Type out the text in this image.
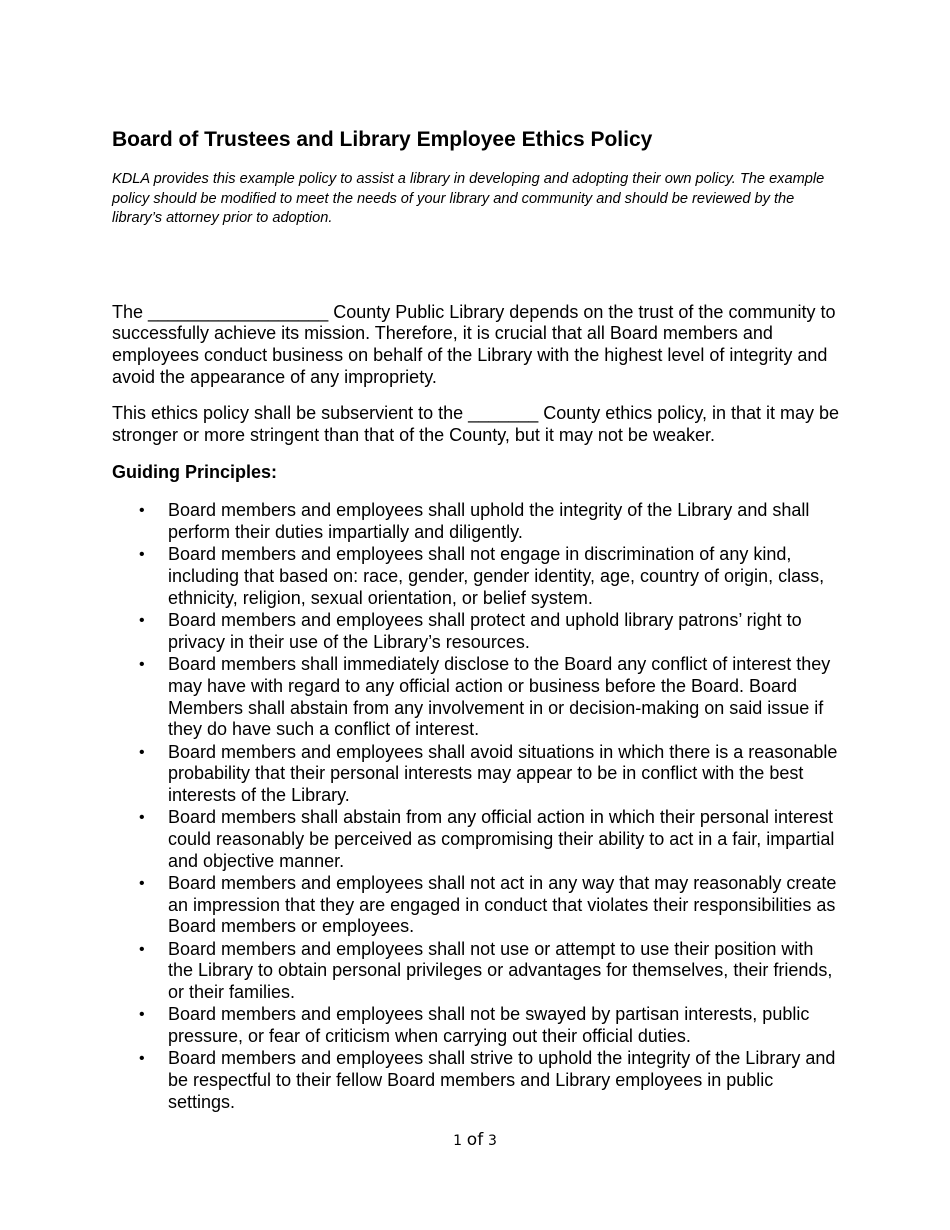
Board of Trustees and Library Employee Ethics Policy

KDLA provides this example policy to assist a library in developing and adopting their own policy. The example policy should be modified to meet the needs of your library and community and should be reviewed by the library’s attorney prior to adoption.

The __________________ County Public Library depends on the trust of the community to successfully achieve its mission. Therefore, it is crucial that all Board members and employees conduct business on behalf of the Library with the highest level of integrity and avoid the appearance of any impropriety.

This ethics policy shall be subservient to the _______ County ethics policy, in that it may be stronger or more stringent than that of the County, but it may not be weaker.

Guiding Principles:

• Board members and employees shall uphold the integrity of the Library and shall perform their duties impartially and diligently.
• Board members and employees shall not engage in discrimination of any kind, including that based on: race, gender, gender identity, age, country of origin, class, ethnicity, religion, sexual orientation, or belief system.
• Board members and employees shall protect and uphold library patrons’ right to privacy in their use of the Library’s resources.
• Board members shall immediately disclose to the Board any conflict of interest they may have with regard to any official action or business before the Board. Board Members shall abstain from any involvement in or decision-making on said issue if they do have such a conflict of interest.
• Board members and employees shall avoid situations in which there is a reasonable probability that their personal interests may appear to be in conflict with the best interests of the Library.
• Board members shall abstain from any official action in which their personal interest could reasonably be perceived as compromising their ability to act in a fair, impartial and objective manner.
• Board members and employees shall not act in any way that may reasonably create an impression that they are engaged in conduct that violates their responsibilities as Board members or employees.
• Board members and employees shall not use or attempt to use their position with the Library to obtain personal privileges or advantages for themselves, their friends, or their families.
• Board members and employees shall not be swayed by partisan interests, public pressure, or fear of criticism when carrying out their official duties.
• Board members and employees shall strive to uphold the integrity of the Library and be respectful to their fellow Board members and Library employees in public settings.
1 of 3
